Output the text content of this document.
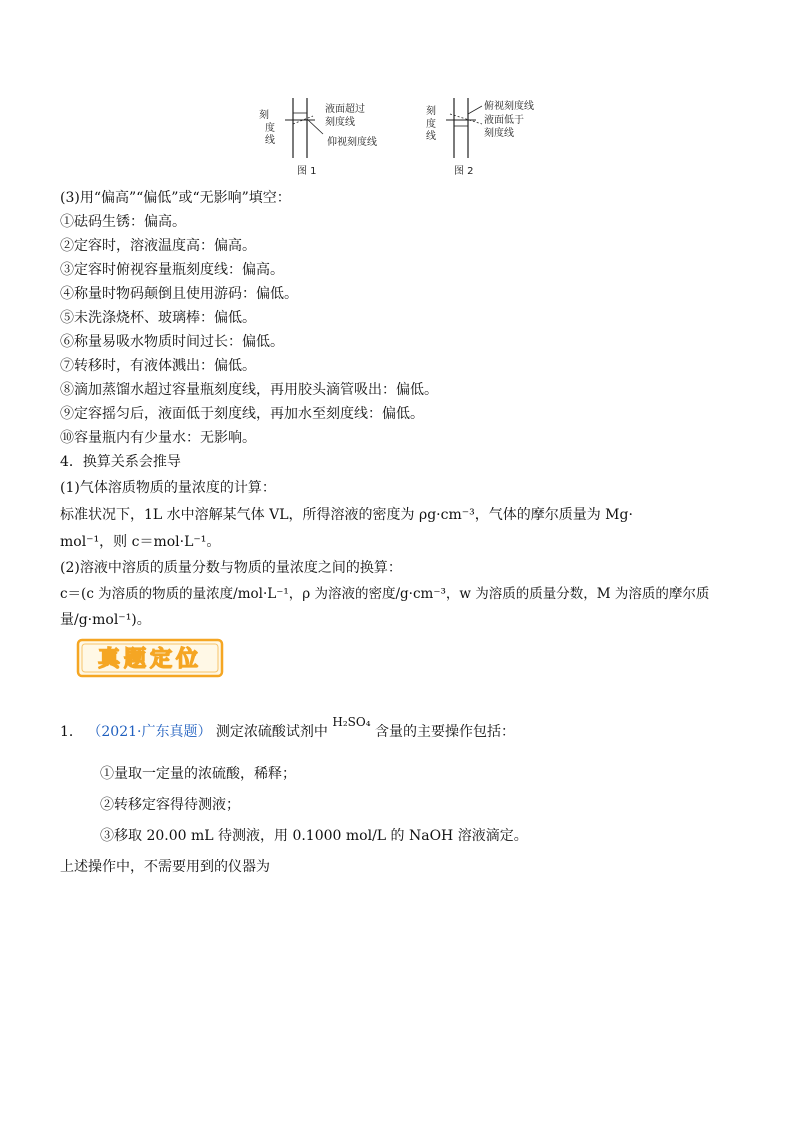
刻
度
线
液面超过
刻度线
仰视刻度线
图 1
刻
度
线
俯视刻度线
液面低于
刻度线
图 2
(3)用“偏高”“偏低”或“无影响”填空：
①砝码生锈：偏高。
②定容时，溶液温度高：偏高。
③定容时俯视容量瓶刻度线：偏高。
④称量时物码颠倒且使用游码：偏低。
⑤未洗涤烧杯、玻璃棒：偏低。
⑥称量易吸水物质时间过长：偏低。
⑦转移时，有液体溅出：偏低。
⑧滴加蒸馏水超过容量瓶刻度线，再用胶头滴管吸出：偏低。
⑨定容摇匀后，液面低于刻度线，再加水至刻度线：偏低。
⑩容量瓶内有少量水：无影响。
4．换算关系会推导
(1)气体溶质物质的量浓度的计算：
标准状况下，1L 水中溶解某气体 VL，所得溶液的密度为 ρg·cm⁻³，气体的摩尔质量为 Mg·
mol⁻¹，则 c＝mol·L⁻¹。
(2)溶液中溶质的质量分数与物质的量浓度之间的换算：
c＝(c 为溶质的物质的量浓度/mol·L⁻¹，ρ 为溶液的密度/g·cm⁻³，w 为溶质的质量分数，M 为溶质的摩尔质
量/g·mol⁻¹)。
真题定位
1． （2021·广东真题） 测定浓硫酸试剂中 H₂SO₄ 含量的主要操作包括：
①量取一定量的浓硫酸，稀释；
②转移定容得待测液；
③移取 20.00 mL 待测液，用 0.1000 mol/L 的 NaOH 溶液滴定。
上述操作中，不需要用到的仪器为
